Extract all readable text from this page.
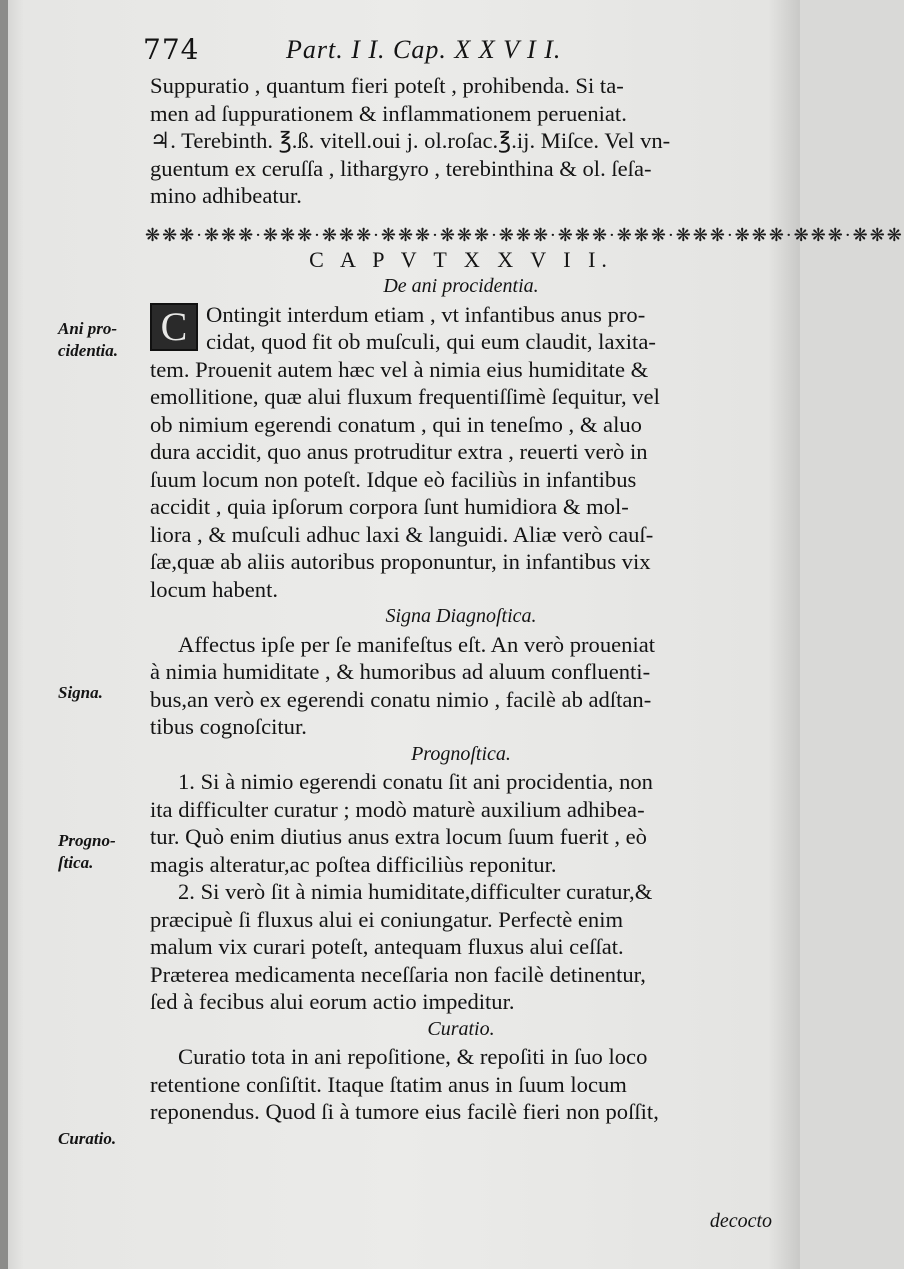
774	Part. I I. Cap. X X V I I.
Suppuratio , quantum fieri poteſt , prohibenda. Si ta-
men ad ſuppurationem & inflammationem perueniat.
♃. Terebinth. ℥.ß. vitell.oui j. ol.roſac.℥.ij. Miſce. Vel vn-
guentum ex ceruſſa , lithargyro , terebinthina & ol. ſeſa-
mino adhibeatur.
C A P V T X X V I I.
De ani procidentia.
C Ontingit interdum etiam , vt infantibus anus pro-
cidat, quod fit ob muſculi, qui eum claudit, laxita-
tem. Prouenit autem hæc vel à nimia eius humiditate &
emollitione, quæ alui fluxum frequentiſſimè ſequitur, vel
ob nimium egerendi conatum , qui in teneſmo , & aluo
dura accidit, quo anus protruditur extra , reuerti verò in
ſuum locum non poteſt. Idque eò faciliùs in infantibus
accidit , quia ipſorum corpora ſunt humidiora & mol-
liora , & muſculi adhuc laxi & languidi. Aliæ verò cauſ-
ſæ,quæ ab aliis autoribus proponuntur, in infantibus vix
locum habent.
Signa Diagnoſtica.
Affectus ipſe per ſe manifeſtus eſt. An verò proueniat
à nimia humiditate , & humoribus ad aluum confluenti-
bus,an verò ex egerendi conatu nimio , facilè ab adſtan-
tibus cognoſcitur.
Prognoſtica.
1. Si à nimio egerendi conatu ſit ani procidentia, non
ita difficulter curatur ; modò maturè auxilium adhibea-
tur. Quò enim diutius anus extra locum ſuum fuerit , eò
magis alteratur,ac poſtea difficiliùs reponitur.
2. Si verò ſit à nimia humiditate,difficulter curatur,&
præcipuè ſi fluxus alui ei coniungatur. Perfectè enim
malum vix curari poteſt, antequam fluxus alui ceſſat.
Præterea medicamenta neceſſaria non facilè detinentur,
ſed à fecibus alui eorum actio impeditur.
Curatio.
Curatio tota in ani repoſitione, & repoſiti in ſuo loco
retentione conſiſtit. Itaque ſtatim anus in ſuum locum
reponendus. Quod ſi à tumore eius facilè fieri non poſſit,
❋❋❋·❋❋❋·❋❋❋·❋❋❋·❋❋❋·❋❋❋·❋❋❋·❋❋❋·❋❋❋·❋❋❋·❋❋❋·❋❋❋·❋❋❋
Ani pro-
cidentia.
Signa.
Progno-
ſtica.
Curatio.
decocto
